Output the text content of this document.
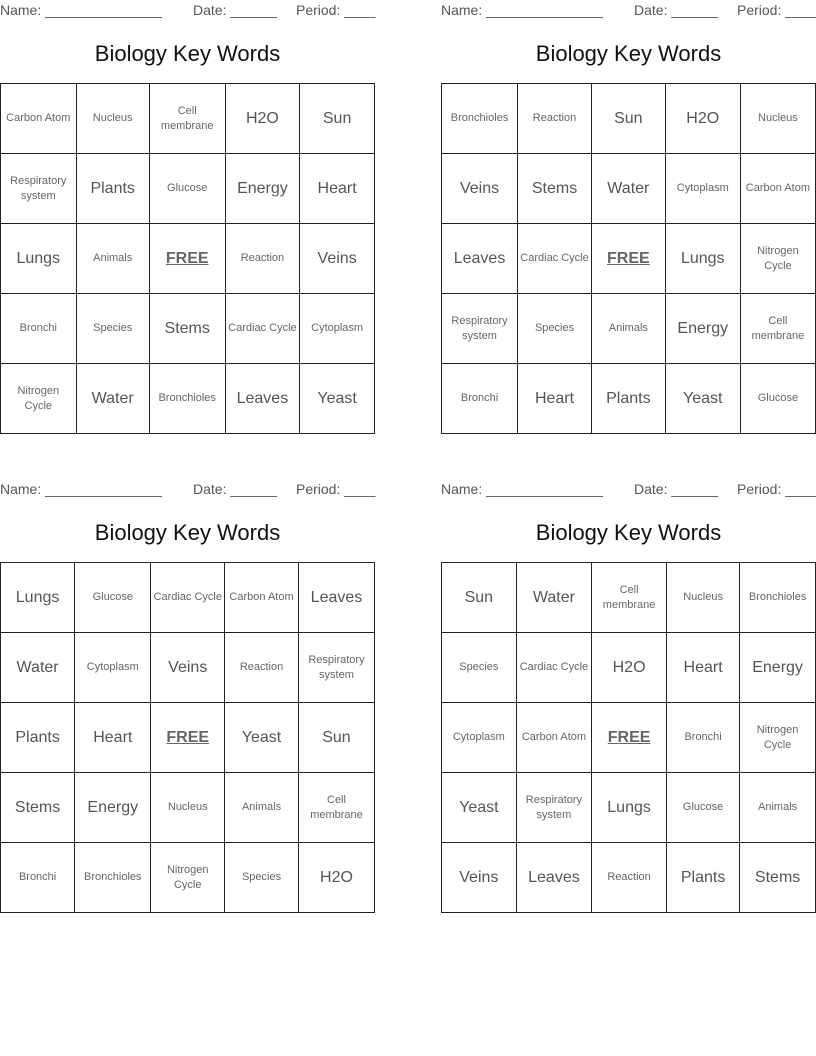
Name: _______________ Date: ______ Period: ____
Biology Key Words
Carbon Atom	Nucleus	Cell membrane	H2O	Sun
Respiratory system	Plants	Glucose	Energy	Heart
Lungs	Animals	FREE	Reaction	Veins
Bronchi	Species	Stems	Cardiac Cycle	Cytoplasm
Nitrogen Cycle	Water	Bronchioles	Leaves	Yeast
Name: _______________ Date: ______ Period: ____
Biology Key Words
Bronchioles	Reaction	Sun	H2O	Nucleus
Veins	Stems	Water	Cytoplasm	Carbon Atom
Leaves	Cardiac Cycle	FREE	Lungs	Nitrogen Cycle
Respiratory system	Species	Animals	Energy	Cell membrane
Bronchi	Heart	Plants	Yeast	Glucose
Name: _______________ Date: ______ Period: ____
Biology Key Words
Lungs	Glucose	Cardiac Cycle	Carbon Atom	Leaves
Water	Cytoplasm	Veins	Reaction	Respiratory system
Plants	Heart	FREE	Yeast	Sun
Stems	Energy	Nucleus	Animals	Cell membrane
Bronchi	Bronchioles	Nitrogen Cycle	Species	H2O
Name: _______________ Date: ______ Period: ____
Biology Key Words
Sun	Water	Cell membrane	Nucleus	Bronchioles
Species	Cardiac Cycle	H2O	Heart	Energy
Cytoplasm	Carbon Atom	FREE	Bronchi	Nitrogen Cycle
Yeast	Respiratory system	Lungs	Glucose	Animals
Veins	Leaves	Reaction	Plants	Stems
